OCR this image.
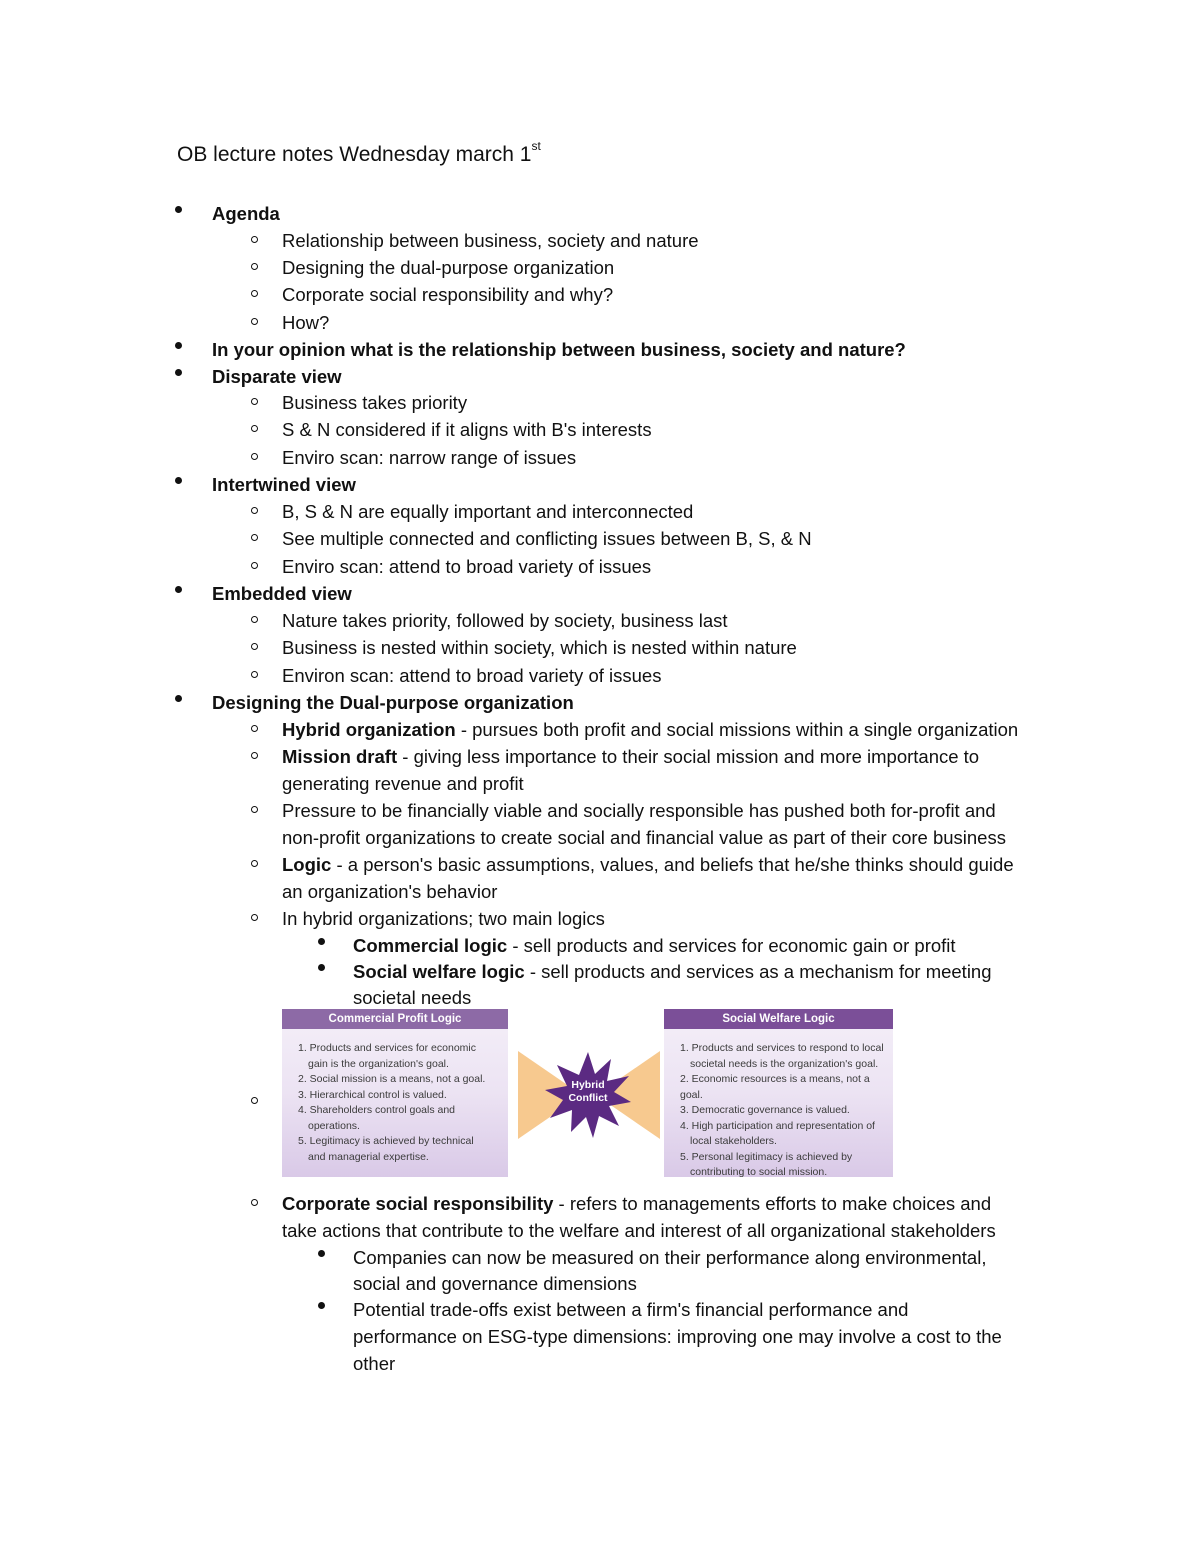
OB lecture notes Wednesday march 1st
Agenda
Relationship between business, society and nature
Designing the dual-purpose organization
Corporate social responsibility and why?
How?
In your opinion what is the relationship between business, society and nature?
Disparate view
Business takes priority
S & N considered if it aligns with B's interests
Enviro scan: narrow range of issues
Intertwined view
B, S & N are equally important and interconnected
See multiple connected and conflicting issues between B, S, & N
Enviro scan: attend to broad variety of issues
Embedded view
Nature takes priority, followed by society, business last
Business is nested within society, which is nested within nature
Environ scan: attend to broad variety of issues
Designing the Dual-purpose organization
Hybrid organization - pursues both profit and social missions within a single organization
Mission draft - giving less importance to their social mission and more importance to
generating revenue and profit
Pressure to be financially viable and socially responsible has pushed both for-profit and
non-profit organizations to create social and financial value as part of their core business
Logic - a person's basic assumptions, values, and beliefs that he/she thinks should guide
an organization's behavior
In hybrid organizations; two main logics
Commercial logic - sell products and services for economic gain or profit
Social welfare logic - sell products and services as a mechanism for meeting
societal needs
Commercial Profit Logic
1. Products and services for economic
gain is the organization's goal.
2. Social mission is a means, not a goal.
3. Hierarchical control is valued.
4. Shareholders control goals and
operations.
5. Legitimacy is achieved by technical
and managerial expertise.
Hybrid
Conflict
Social Welfare Logic
1. Products and services to respond to local
societal needs is the organization's goal.
2. Economic resources is a means, not a goal.
3. Democratic governance is valued.
4. High participation and representation of
local stakeholders.
5. Personal legitimacy is achieved by
contributing to social mission.
Corporate social responsibility - refers to managements efforts to make choices and
take actions that contribute to the welfare and interest of all organizational stakeholders
Companies can now be measured on their performance along environmental,
social and governance dimensions
Potential trade-offs exist between a firm's financial performance and
performance on ESG-type dimensions: improving one may involve a cost to the
other
